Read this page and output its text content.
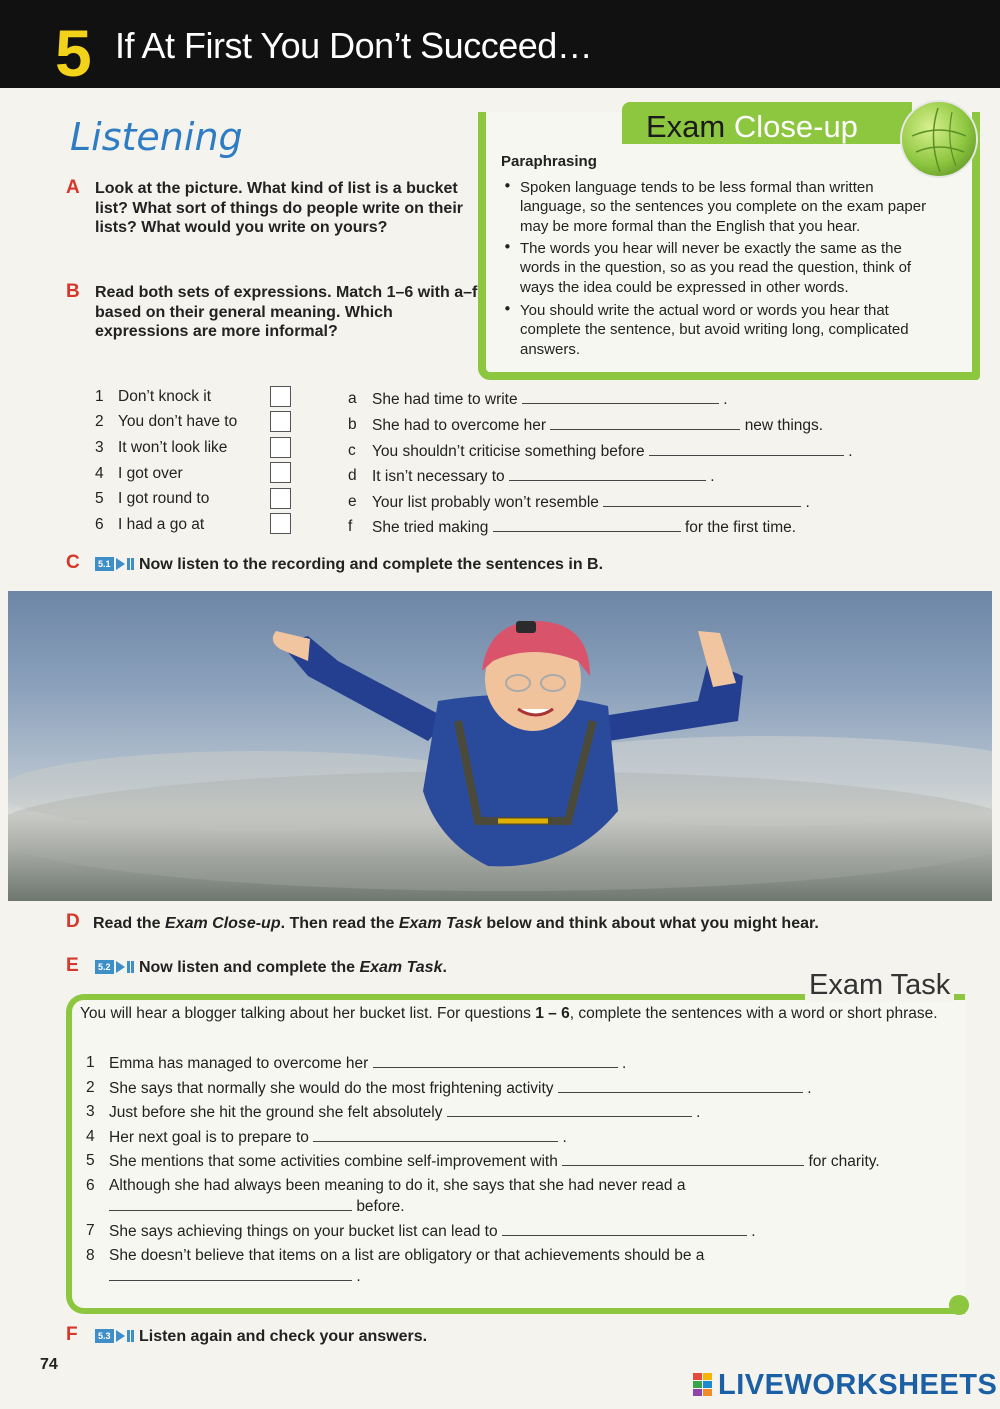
5 If At First You Don’t Succeed…
Listening
A Look at the picture. What kind of list is a bucket list? What sort of things do people write on their lists? What would you write on yours?
B Read both sets of expressions. Match 1–6 with a–f based on their general meaning. Which expressions are more informal?
Exam Close-up
Paraphrasing
• Spoken language tends to be less formal than written language, so the sentences you complete on the exam paper may be more formal than the English that you hear.
• The words you hear will never be exactly the same as the words in the question, so as you read the question, think of ways the idea could be expressed in other words.
• You should write the actual word or words you hear that complete the sentence, but avoid writing long, complicated answers.
1 Don’t knock it
2 You don’t have to
3 It won’t look like
4 I got over
5 I got round to
6 I had a go at
a She had time to write	.
b She had to overcome her	new things.
c You shouldn’t criticise something before	.
d It isn’t necessary to	.
e Your list probably won’t resemble	.
f She tried making	for the first time.
C	5.1 Now listen to the recording and complete the sentences in B.
D Read the Exam Close-up. Then read the Exam Task below and think about what you might hear.
E	5.2 Now listen and complete the Exam Task.
Exam Task
You will hear a blogger talking about her bucket list. For questions 1 – 6, complete the sentences with a word or short phrase.
1 Emma has managed to overcome her	.
2 She says that normally she would do the most frightening activity	.
3 Just before she hit the ground she felt absolutely	.
4 Her next goal is to prepare to	.
5 She mentions that some activities combine self-improvement with	for charity.
6 Although she had always been meaning to do it, she says that she had never read a
before.
7 She says achieving things on your bucket list can lead to	.
8 She doesn’t believe that items on a list are obligatory or that achievements should be a
.
F	5.3 Listen again and check your answers.
74
LIVEWORKSHEETS
